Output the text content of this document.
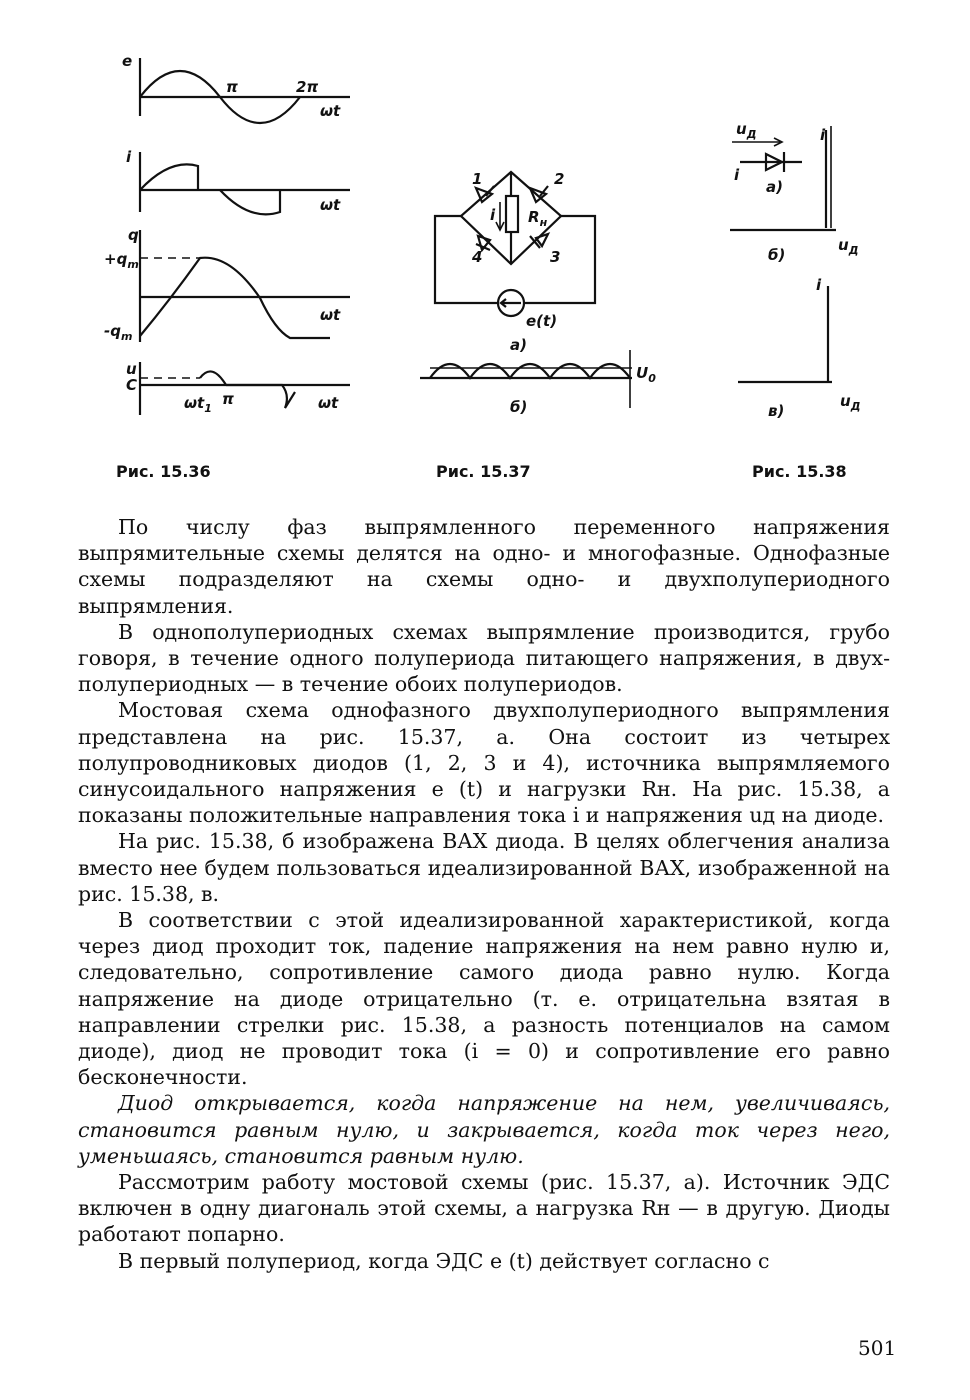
e
π	2π
ωt
i
ωt
q
$+q_m$
$-q_m$
ωt
u
C
$\omega t_1$
π	ωt
1	2
3
4
i $R_н$
e(t)
а)
$U_0$
б)
$u_Д$
i
а)
i
б)
$u_Д$
i
в)
$u_Д$
Рис. 15.36	Рис. 15.37	Рис. 15.38

По числу фаз выпрямленного переменного напряжения выпрямительные схемы делятся на одно- и многофазные. Однофазные схемы подразделяют на схемы одно- и двухполупериодного выпрямления.

В однополупериодных схемах выпрямление производится, грубо говоря, в течение одного полупериода питающего напряжения, в двух- полупериодных — в течение обоих полупериодов.

Мостовая схема однофазного двухполупериодного выпрямления представлена на рис. 15.37, а. Она состоит из четырех полупроводниковых диодов (1, 2, 3 и 4), источника выпрямляемого синусоидального напряжения e (t) и нагрузки Rн. На рис. 15.38, а показаны положительные направления тока i и напряжения uд на диоде.

На рис. 15.38, б изображена ВАХ диода. В целях облегчения анализа вместо нее будем пользоваться идеализированной ВАХ, изображенной на рис. 15.38, в.

В соответствии с этой идеализированной характеристикой, когда через диод проходит ток, падение напряжения на нем равно нулю и, следовательно, сопротивление самого диода равно нулю. Когда напряжение на диоде отрицательно (т. е. отрицательна взятая в направлении стрелки рис. 15.38, а разность потенциалов на самом диоде), диод не проводит тока (i = 0) и сопротивление его равно бесконечности.

Диод открывается, когда напряжение на нем, увеличиваясь, становится равным нулю, и закрывается, когда ток через него, уменьшаясь, становится равным нулю.

Рассмотрим работу мостовой схемы (рис. 15.37, а). Источник ЭДС включен в одну диагональ этой схемы, а нагрузка Rн — в другую. Диоды работают попарно.

В первый полупериод, когда ЭДС e (t) действует согласно с

501
